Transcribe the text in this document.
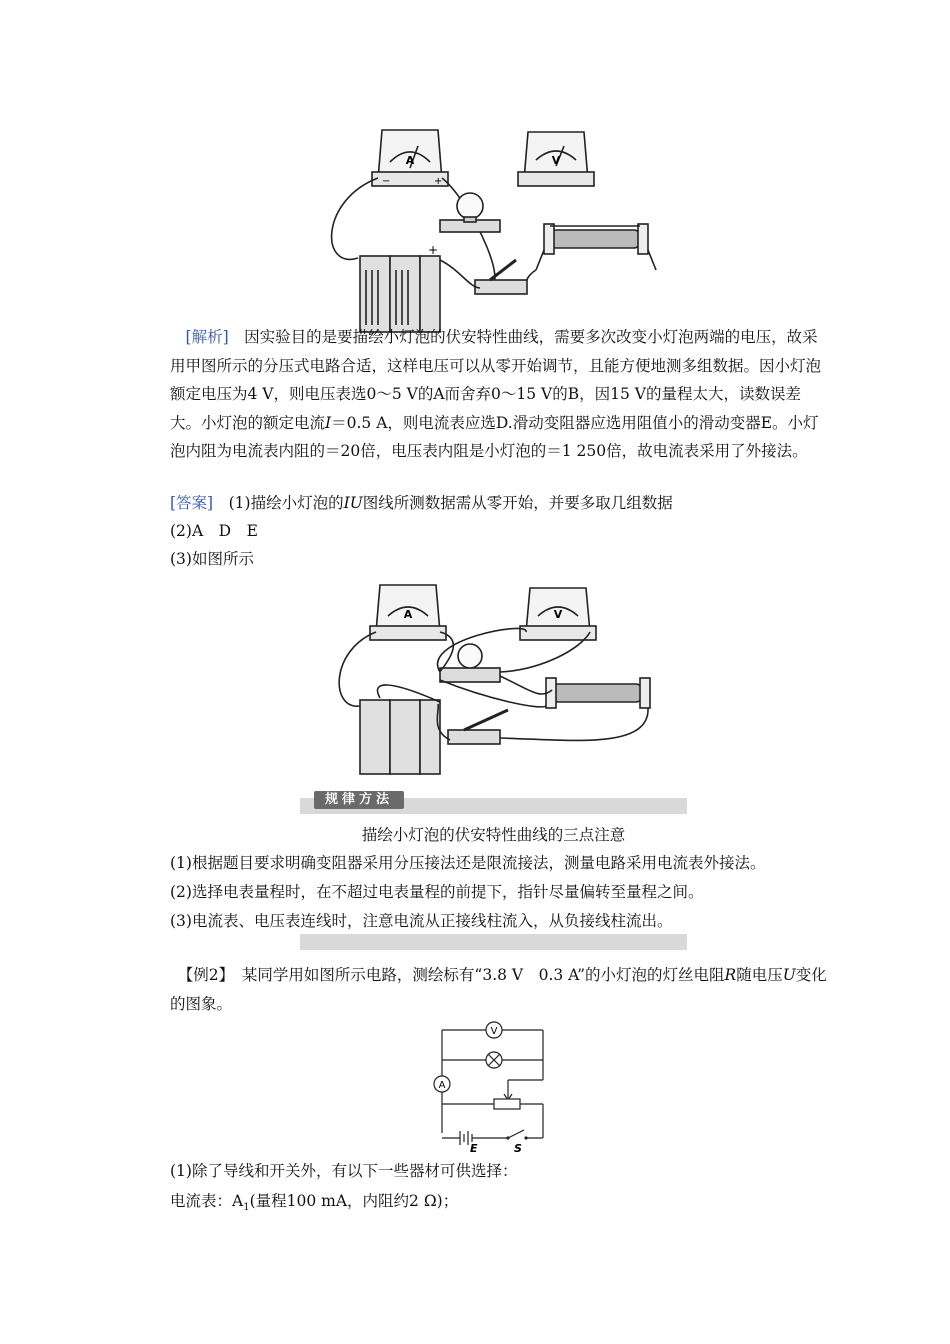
A	V
−	+
+
　[解析]　 因实验目的是要描绘小灯泡的伏安特性曲线，需要多次改变小灯泡两端的电压，故采用甲图所示的分压式电路合适，这样电压可以从零开始调节，且能方便地测多组数据。因小灯泡额定电压为4 V，则电压表选0～5 V的A而舍弃0～15 V的B，因15 V的量程太大，读数误差大。小灯泡的额定电流I＝0.5 A，则电流表应选D.滑动变阻器应选用阻值小的滑动变器E。小灯泡内阻为电流表内阻的＝20倍，电压表内阻是小灯泡的＝1 250倍，故电流表采用了外接法。
[答案]　 (1)描绘小灯泡的IU图线所测数据需从零开始，并要多取几组数据
(2)A　D　E
(3)如图所示
A	V
规律方法
描绘小灯泡的伏安特性曲线的三点注意
(1)根据题目要求明确变阻器采用分压接法还是限流接法，测量电路采用电流表外接法。
(2)选择电表量程时，在不超过电表量程的前提下，指针尽量偏转至量程之间。
(3)电流表、电压表连线时，注意电流从正接线柱流入，从负接线柱流出。
　【例2】　 某同学用如图所示电路，测绘标有“3.8 V　0.3 A”的小灯泡的灯丝电阻R随电压U变化的图象。
V
A
E	S
(1)除了导线和开关外，有以下一些器材可供选择：
电流表：$A_1$(量程100 mA，内阻约2 Ω)；
